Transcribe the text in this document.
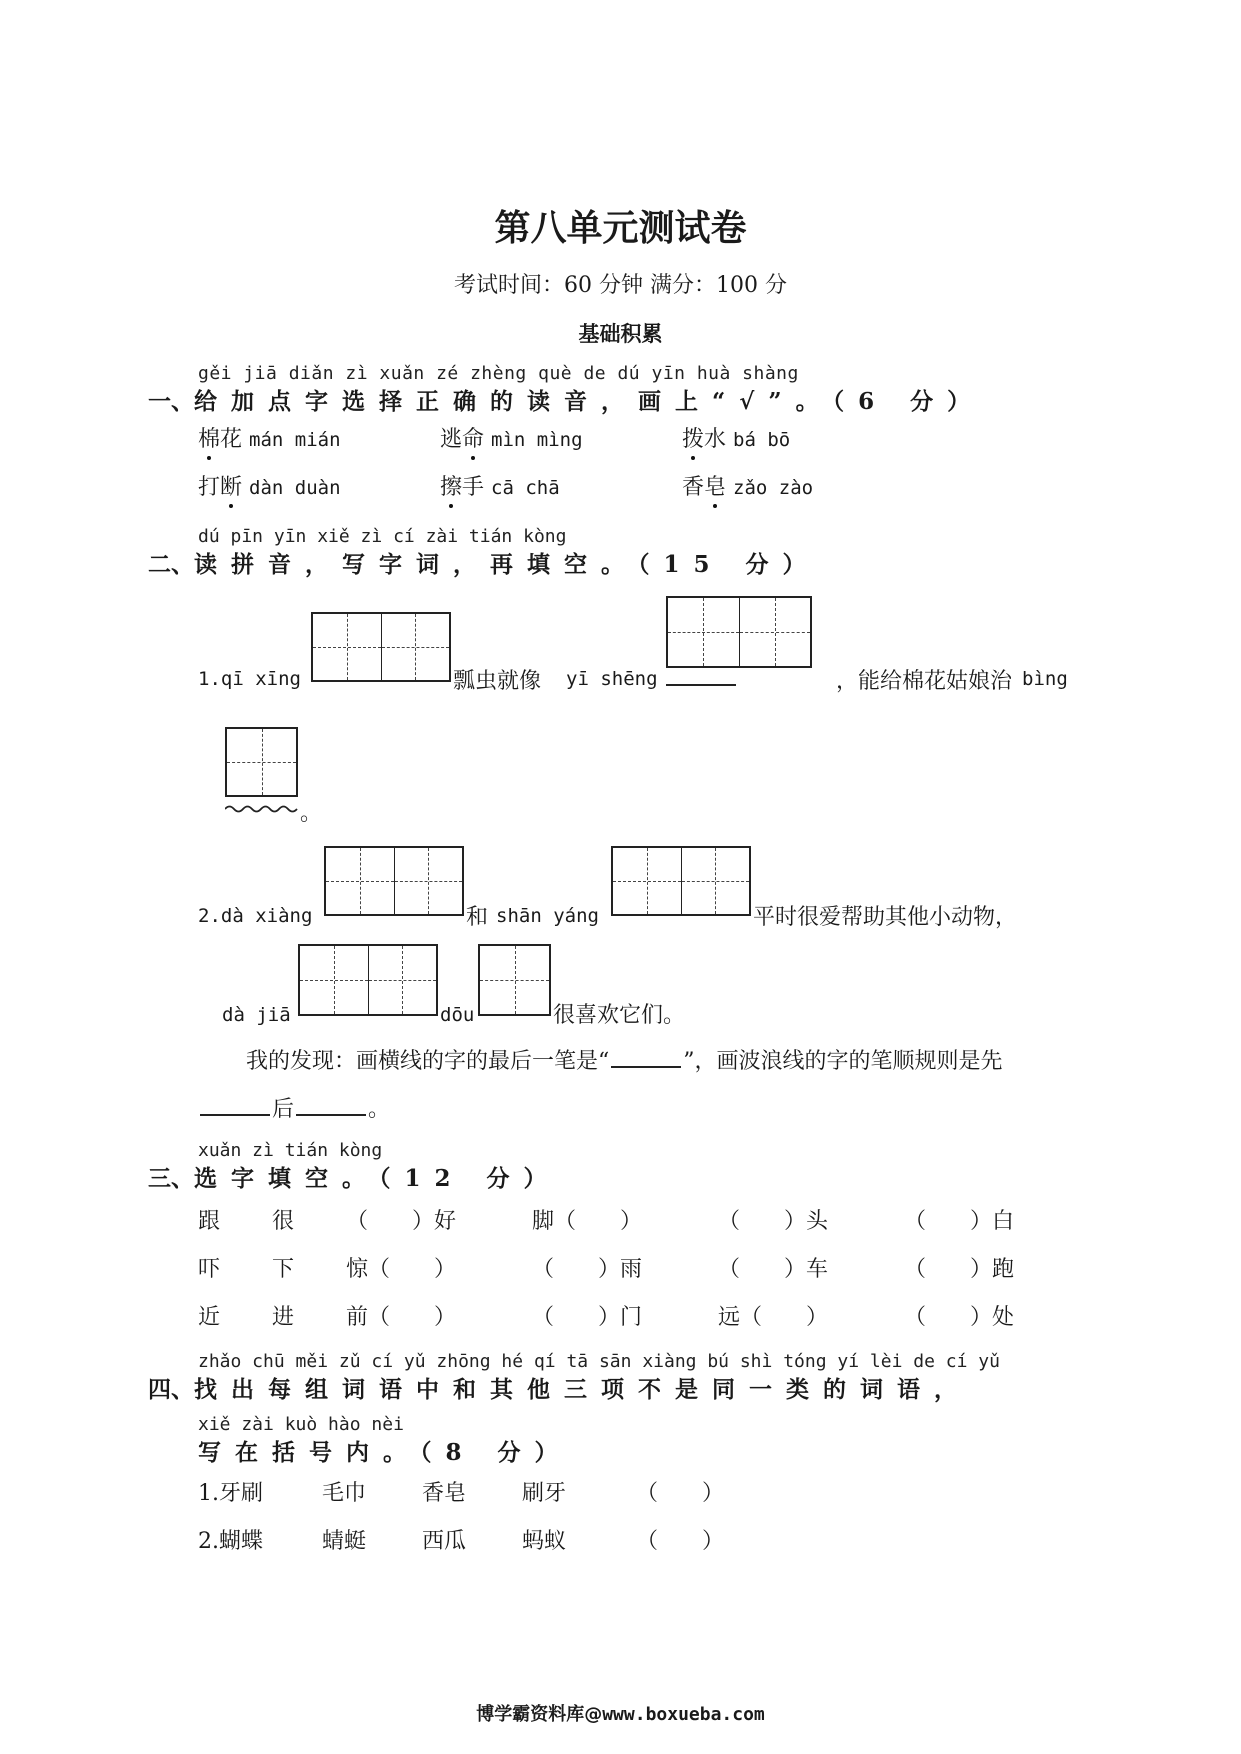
第八单元测试卷
考试时间：60 分钟 满分：100 分
基础积累
gěi jiā diǎn zì xuǎn zé zhèng què de dú yīn huà shàng
一、给加点字选择正确的读音，画上“√”。（6 分）
棉花 mán mián	逃命 mìn mìng	拨水 bá bō
打断 dàn duàn	擦手 cā chā	香皂 zǎo zào
dú pīn yīn xiě zì cí zài tián kòng
二、读拼音，写字词，再填空。（15 分）
1.qī xīng	瓢虫就像 yī shēng	，能给棉花姑娘治 bìng
。
2.dà xiàng	和 shān yáng	平时很爱帮助其他小动物，
dà jiā	dōu	很喜欢它们。
我的发现：画横线的字的最后一笔是“	”，画波浪线的字的笔顺规则是先
后	。
xuǎn zì tián kòng
三、选字填空。（12 分）
跟 很 （　　）好	脚（　　）	（　　）头	（　　）白
吓 下 惊（　　）	（　　）雨	（　　）车	（　　）跑
近 进 前（　　）	（　　）门	远（　　）	（　　）处
zhǎo chū měi zǔ cí yǔ zhōng hé qí tā sān xiàng bú shì tóng yí lèi de cí yǔ
四、找出每组词语中和其他三项不是同一类的词语，
xiě zài kuò hào nèi
写在括号内。（8 分）
1.牙刷	毛巾	香皂	刷牙	（　　）
2.蝴蝶	蜻蜓	西瓜	蚂蚁	（　　）
博学霸资料库@www.boxueba.com
